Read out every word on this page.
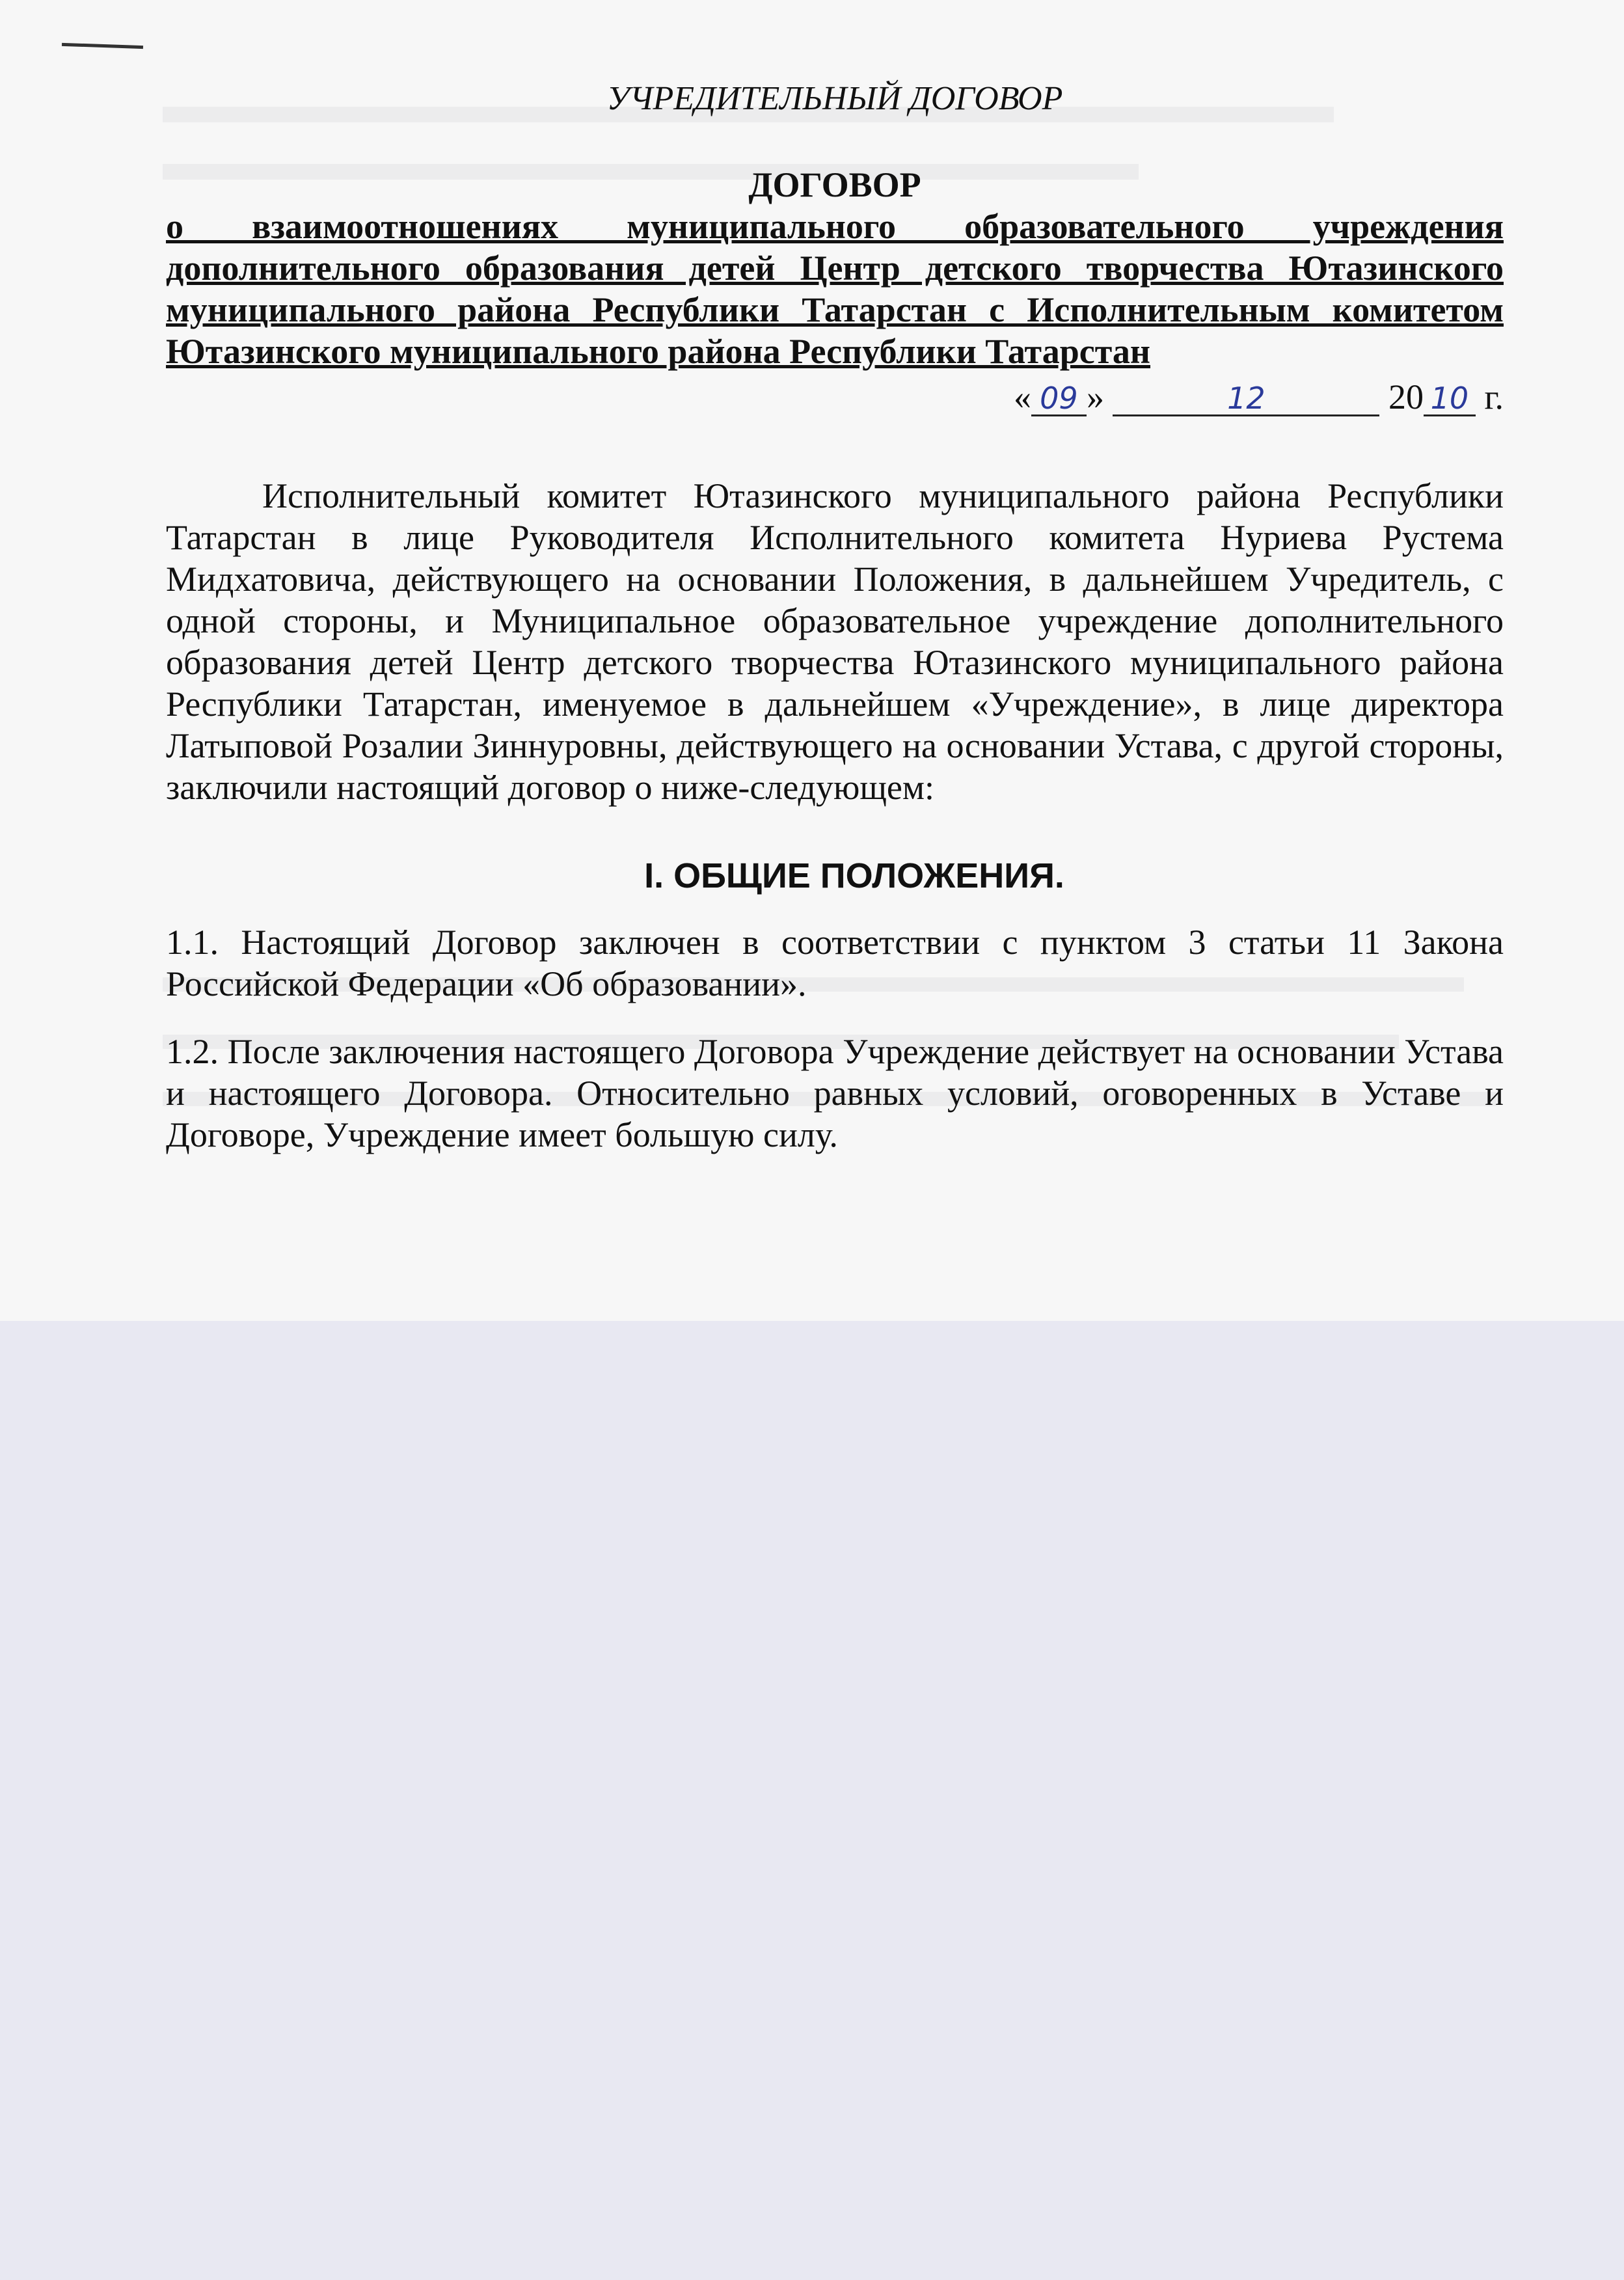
УЧРЕДИТЕЛЬНЫЙ ДОГОВОР

ДОГОВОР

о взаимоотношениях муниципального образовательного учреждения дополнительного образования детей Центр детского творчества Ютазинского муниципального района Республики Татарстан с Исполнительным комитетом Ютазинского муниципального района Республики Татарстан

« 09 »	12	20 10 г.

Исполнительный комитет Ютазинского муниципального района Республики Татарстан в лице Руководителя Исполнительного комитета Нуриева Рустема Мидхатовича, действующего на основании Положения, в дальнейшем Учредитель, с одной стороны, и Муниципальное образовательное учреждение дополнительного образования детей Центр детского творчества Ютазинского муниципального района Республики Татарстан, именуемое в дальнейшем «Учреждение», в лице директора Латыповой Розалии Зиннуровны, действующего на основании Устава, с другой стороны, заключили настоящий договор о ниже-следующем:

I. ОБЩИЕ ПОЛОЖЕНИЯ.

1.1. Настоящий Договор заключен в соответствии с пунктом 3 статьи 11 Закона Российской Федерации «Об образовании».

1.2. После заключения настоящего Договора Учреждение действует на основании Устава и настоящего Договора. Относительно равных условий, оговоренных в Уставе и Договоре, Учреждение имеет большую силу.
